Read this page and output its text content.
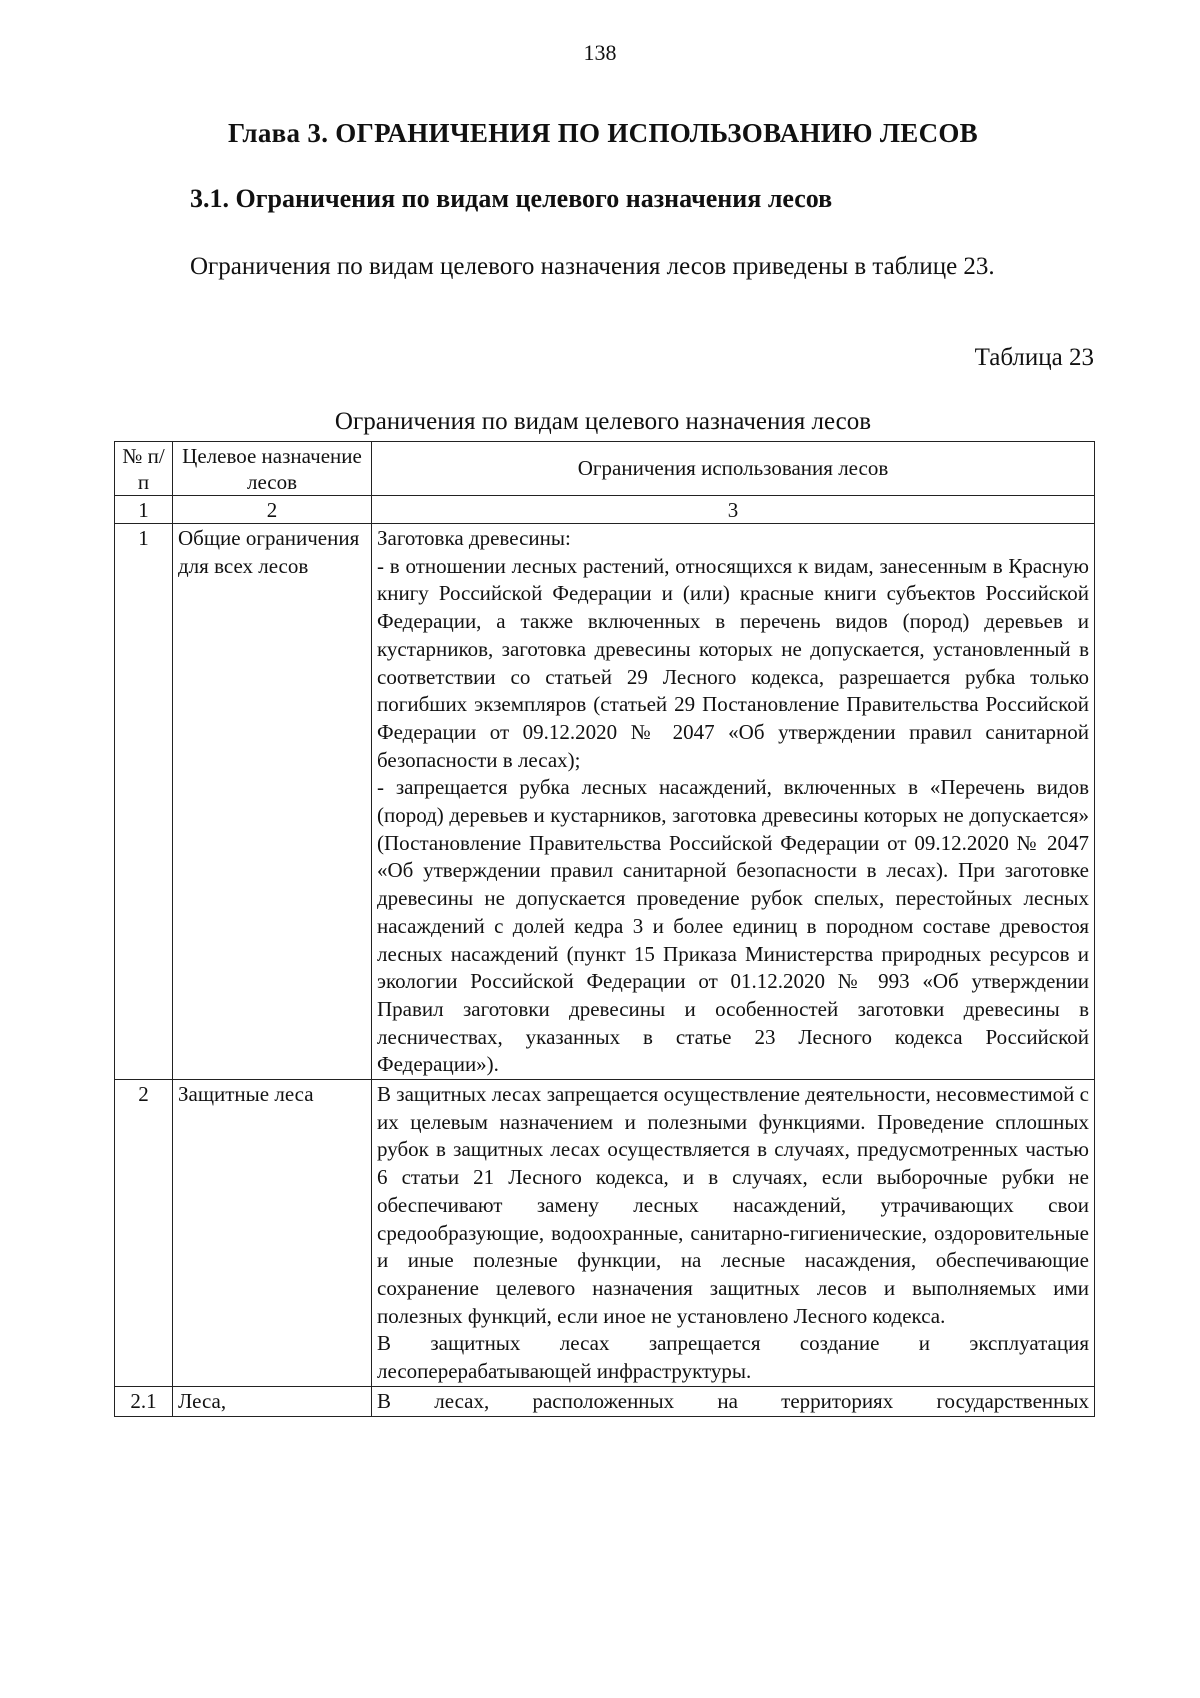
138
Глава 3. ОГРАНИЧЕНИЯ ПО ИСПОЛЬЗОВАНИЮ ЛЕСОВ
3.1. Ограничения по видам целевого назначения лесов
Ограничения по видам целевого назначения лесов приведены в таблице 23.
Таблица 23
Ограничения по видам целевого назначения лесов
№ п/п	Целевое назначение лесов	Ограничения использования лесов
1	2	3
1	Общие ограничения для всех лесов	Заготовка древесины:

- в отношении лесных растений, относящихся к видам, занесенным в Красную книгу Российской Федерации и (или) красные книги субъектов Российской Федерации, а также включенных в перечень видов (пород) деревьев и кустарников, заготовка древесины которых не допускается, установленный в соответствии со статьей 29 Лесного кодекса, разрешается рубка только погибших экземпляров (статьей 29 Постановление Правительства Российской Федерации от 09.12.2020 № 2047 «Об утверждении правил санитарной безопасности в лесах);

- запрещается рубка лесных насаждений, включенных в «Перечень видов (пород) деревьев и кустарников, заготовка древесины которых не допускается» (Постановление Правительства Российской Федерации от 09.12.2020 № 2047 «Об утверждении правил санитарной безопасности в лесах). При заготовке древесины не допускается проведение рубок спелых, перестойных лесных насаждений с долей кедра 3 и более единиц в породном составе древостоя лесных насаждений (пункт 15 Приказа Министерства природных ресурсов и экологии Российской Федерации от 01.12.2020 № 993 «Об утверждении Правил заготовки древесины и особенностей заготовки древесины в лесничествах, указанных в статье 23 Лесного кодекса Российской Федерации»).

2	Защитные леса	В защитных лесах запрещается осуществление деятельности, несовместимой с их целевым назначением и полезными функциями. Проведение сплошных рубок в защитных лесах осуществляется в случаях, предусмотренных частью 6 статьи 21 Лесного кодекса, и в случаях, если выборочные рубки не обеспечивают замену лесных насаждений, утрачивающих свои средообразующие, водоохранные, санитарно-гигиенические, оздоровительные и иные полезные функции, на лесные насаждения, обеспечивающие сохранение целевого назначения защитных лесов и выполняемых ими полезных функций, если иное не установлено Лесного кодекса.

В защитных лесах запрещается создание и эксплуатация лесоперерабатывающей инфраструктуры.

2.1	Леса,	В лесах, расположенных на территориях государственных
